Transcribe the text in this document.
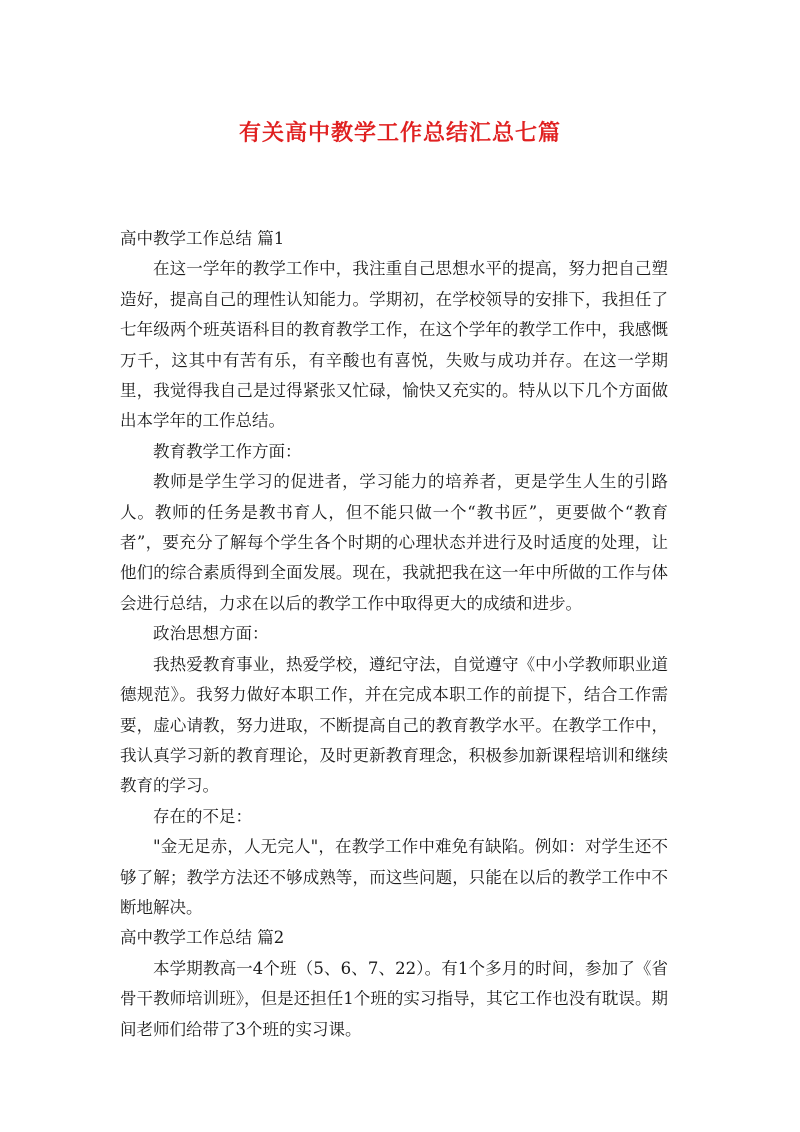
有关高中教学工作总结汇总七篇

高中教学工作总结 篇1

在这一学年的教学工作中，我注重自己思想水平的提高，努力把自己塑造好，提高自己的理性认知能力。学期初，在学校领导的安排下，我担任了七年级两个班英语科目的教育教学工作，在这个学年的教学工作中，我感慨万千，这其中有苦有乐，有辛酸也有喜悦，失败与成功并存。在这一学期里，我觉得我自己是过得紧张又忙碌，愉快又充实的。特从以下几个方面做出本学年的工作总结。

教育教学工作方面：

教师是学生学习的促进者，学习能力的培养者，更是学生人生的引路人。教师的任务是教书育人，但不能只做一个“教书匠”，更要做个“教育者”，要充分了解每个学生各个时期的心理状态并进行及时适度的处理，让他们的综合素质得到全面发展。现在，我就把我在这一年中所做的工作与体会进行总结，力求在以后的教学工作中取得更大的成绩和进步。

政治思想方面：

我热爱教育事业，热爱学校，遵纪守法，自觉遵守《中小学教师职业道德规范》。我努力做好本职工作，并在完成本职工作的前提下，结合工作需要，虚心请教，努力进取，不断提高自己的教育教学水平。在教学工作中，我认真学习新的教育理论，及时更新教育理念，积极参加新课程培训和继续教育的学习。

存在的不足：

"金无足赤，人无完人"，在教学工作中难免有缺陷。例如：对学生还不够了解；教学方法还不够成熟等，而这些问题，只能在以后的教学工作中不断地解决。

高中教学工作总结 篇2

本学期教高一4个班（5、6、7、22）。有1个多月的时间，参加了《省骨干教师培训班》，但是还担任1个班的实习指导，其它工作也没有耽误。期间老师们给带了3个班的实习课。
